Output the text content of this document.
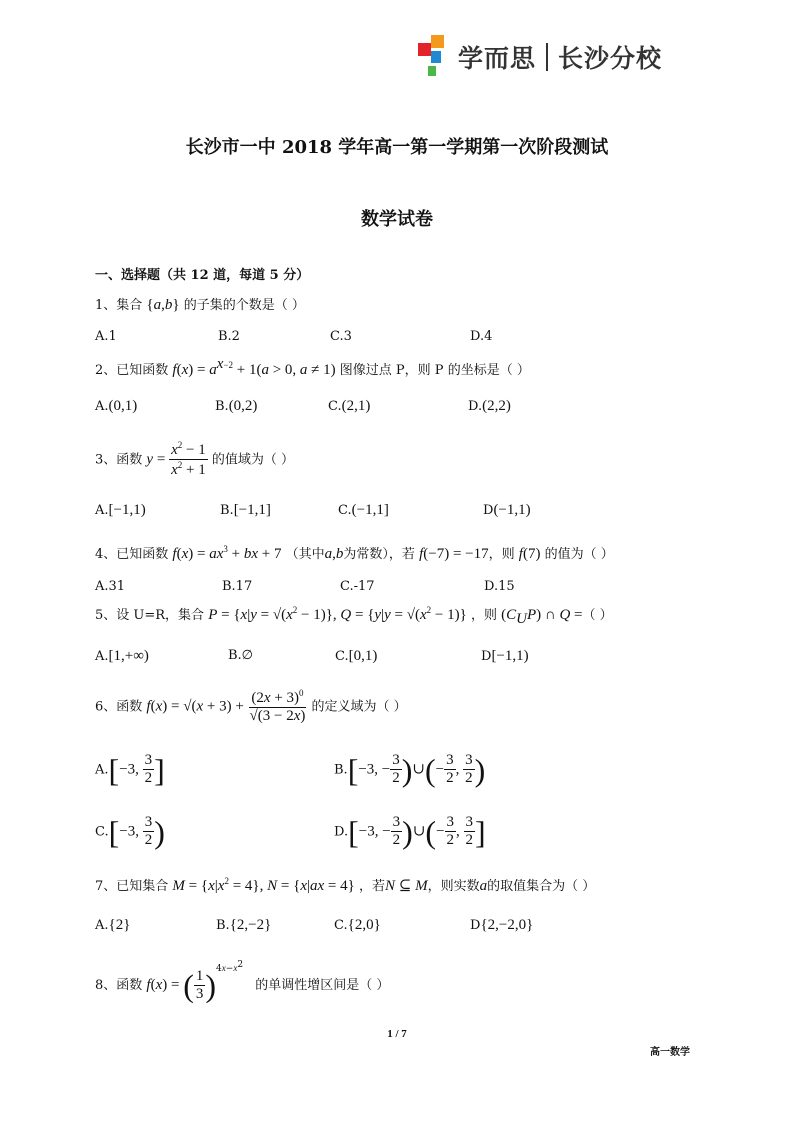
学而思 长沙分校
长沙市一中 2018 学年高一第一学期第一次阶段测试
数学试卷
一、选择题（共 12 道，每道 5 分）
1、集合 {a,b} 的子集的个数是（ ）
A.1	B.2	C.3	D.4
2、已知函数 $f(x) = a^{x-2} + 1(a > 0$, a ≠ 1) 图像过点 P，则 P 的坐标是（ ）
A.(0,1)	B.(0,2)	C.(2,1)	D.(2,2)
3、函数 $y = \frac{x^2 - 1}{x^2 + 1}$ 的值域为（ ）
A.[−1,1)	B.[−1,1]	C.(−1,1]	D(−1,1)
4、已知函数 $f(x) = ax^3$ + bx + 7 （其中a,b为常数），若 f(−7) = −17，则 f(7) 的值为（ ）
A.31	B.17	C.-17	D.15
5、设 U=R，集合 $P = \{x|y = √(x^2 - 1)\}$, $Q = \{y|y = √(x^2 - 1)\}$ ，则 $(C_UP)$ ∩ Q =（ ）
A.[1,+∞)	B.∅	C.[0,1)	D[−1,1)
6、函数 $f(x) = √(x + 3) + \frac{(2x + 3)^0}{√(3 - 2x)}$ 的定义域为（ ）
A.[−3, $\frac{3}{2}$ ]	B.[−3, − $\frac{3}{2}$ )∪(− $\frac{3}{2}$ , $\frac{3}{2}$ )
C.[−3, $\frac{3}{2}$ )	D.[−3, − $\frac{3}{2}$ )∪(− $\frac{3}{2}$ , $\frac{3}{2}$ ]
7、已知集合 $M = \{x|x^2 = 4\}$, N = {x|ax = 4} ，若N ⊆ M，则实数a的取值集合为（ ）
A.{2}	B.{2,−2}	C.{2,0}	D{2,−2,0}
8、函数 f(x) = ( $\frac{1}{3} )^{4x-x^2}$ 的单调性增区间是（ ）
1 / 7
高一数学
